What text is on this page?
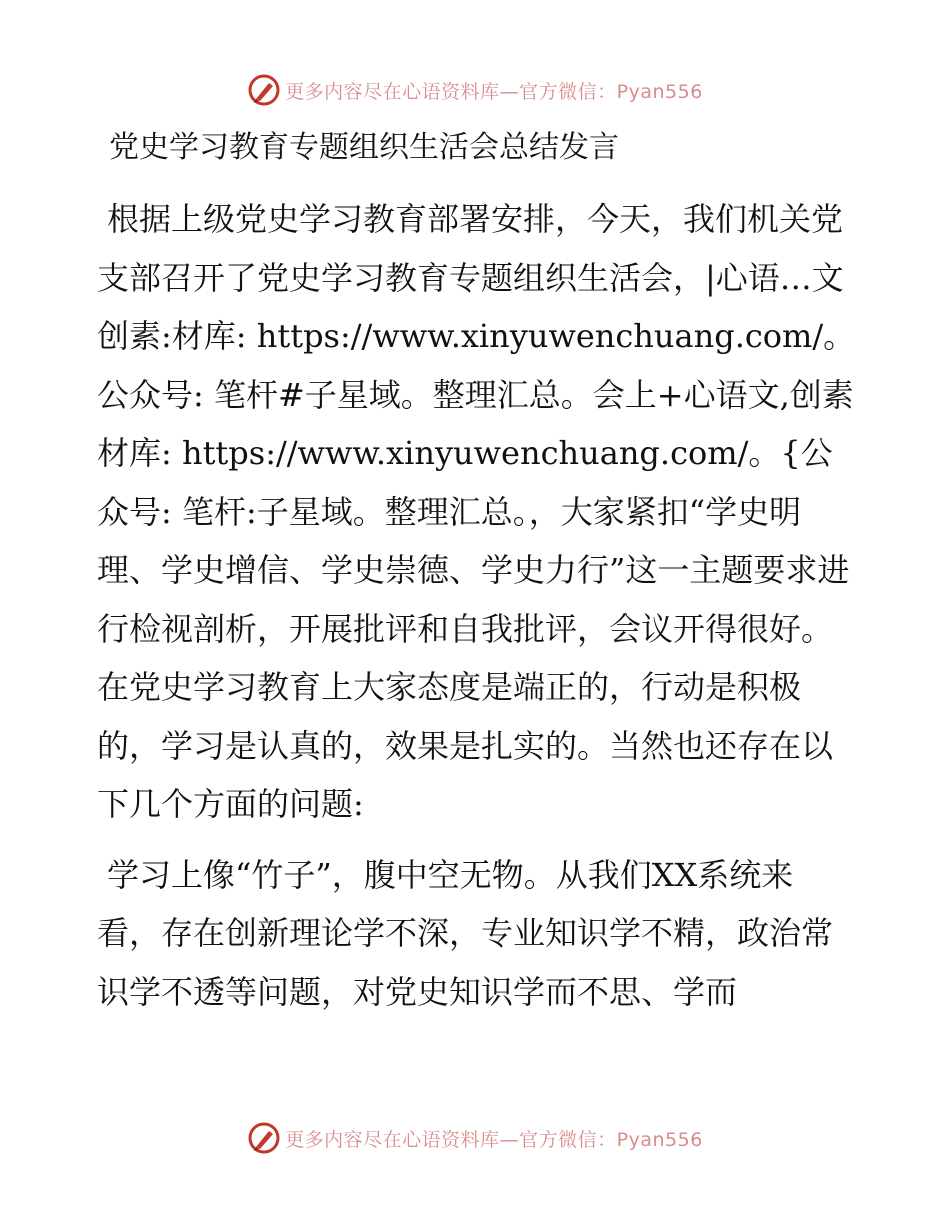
更多内容尽在心语资料库—官方微信：Pyan556
党史学习教育专题组织生活会总结发言

根据上级党史学习教育部署安排，今天，我们机关党支部召开了党史学习教育专题组织生活会，|心语…文创素:材库: https://www.xinyuwenchuang.com/。公众号: 笔杆#子星域。整理汇总。会上+心语文,创素材库: https://www.xinyuwenchuang.com/。{公众号: 笔杆:子星域。整理汇总。，大家紧扣“学史明理、学史增信、学史崇德、学史力行”这一主题要求进行检视剖析，开展批评和自我批评，会议开得很好。在党史学习教育上大家态度是端正的，行动是积极的，学习是认真的，效果是扎实的。当然也还存在以下几个方面的问题:

学习上像“竹子”，腹中空无物。从我们XX系统来看，存在创新理论学不深，专业知识学不精，政治常识学不透等问题，对党史知识学而不思、学而

更多内容尽在心语资料库—官方微信：Pyan556
